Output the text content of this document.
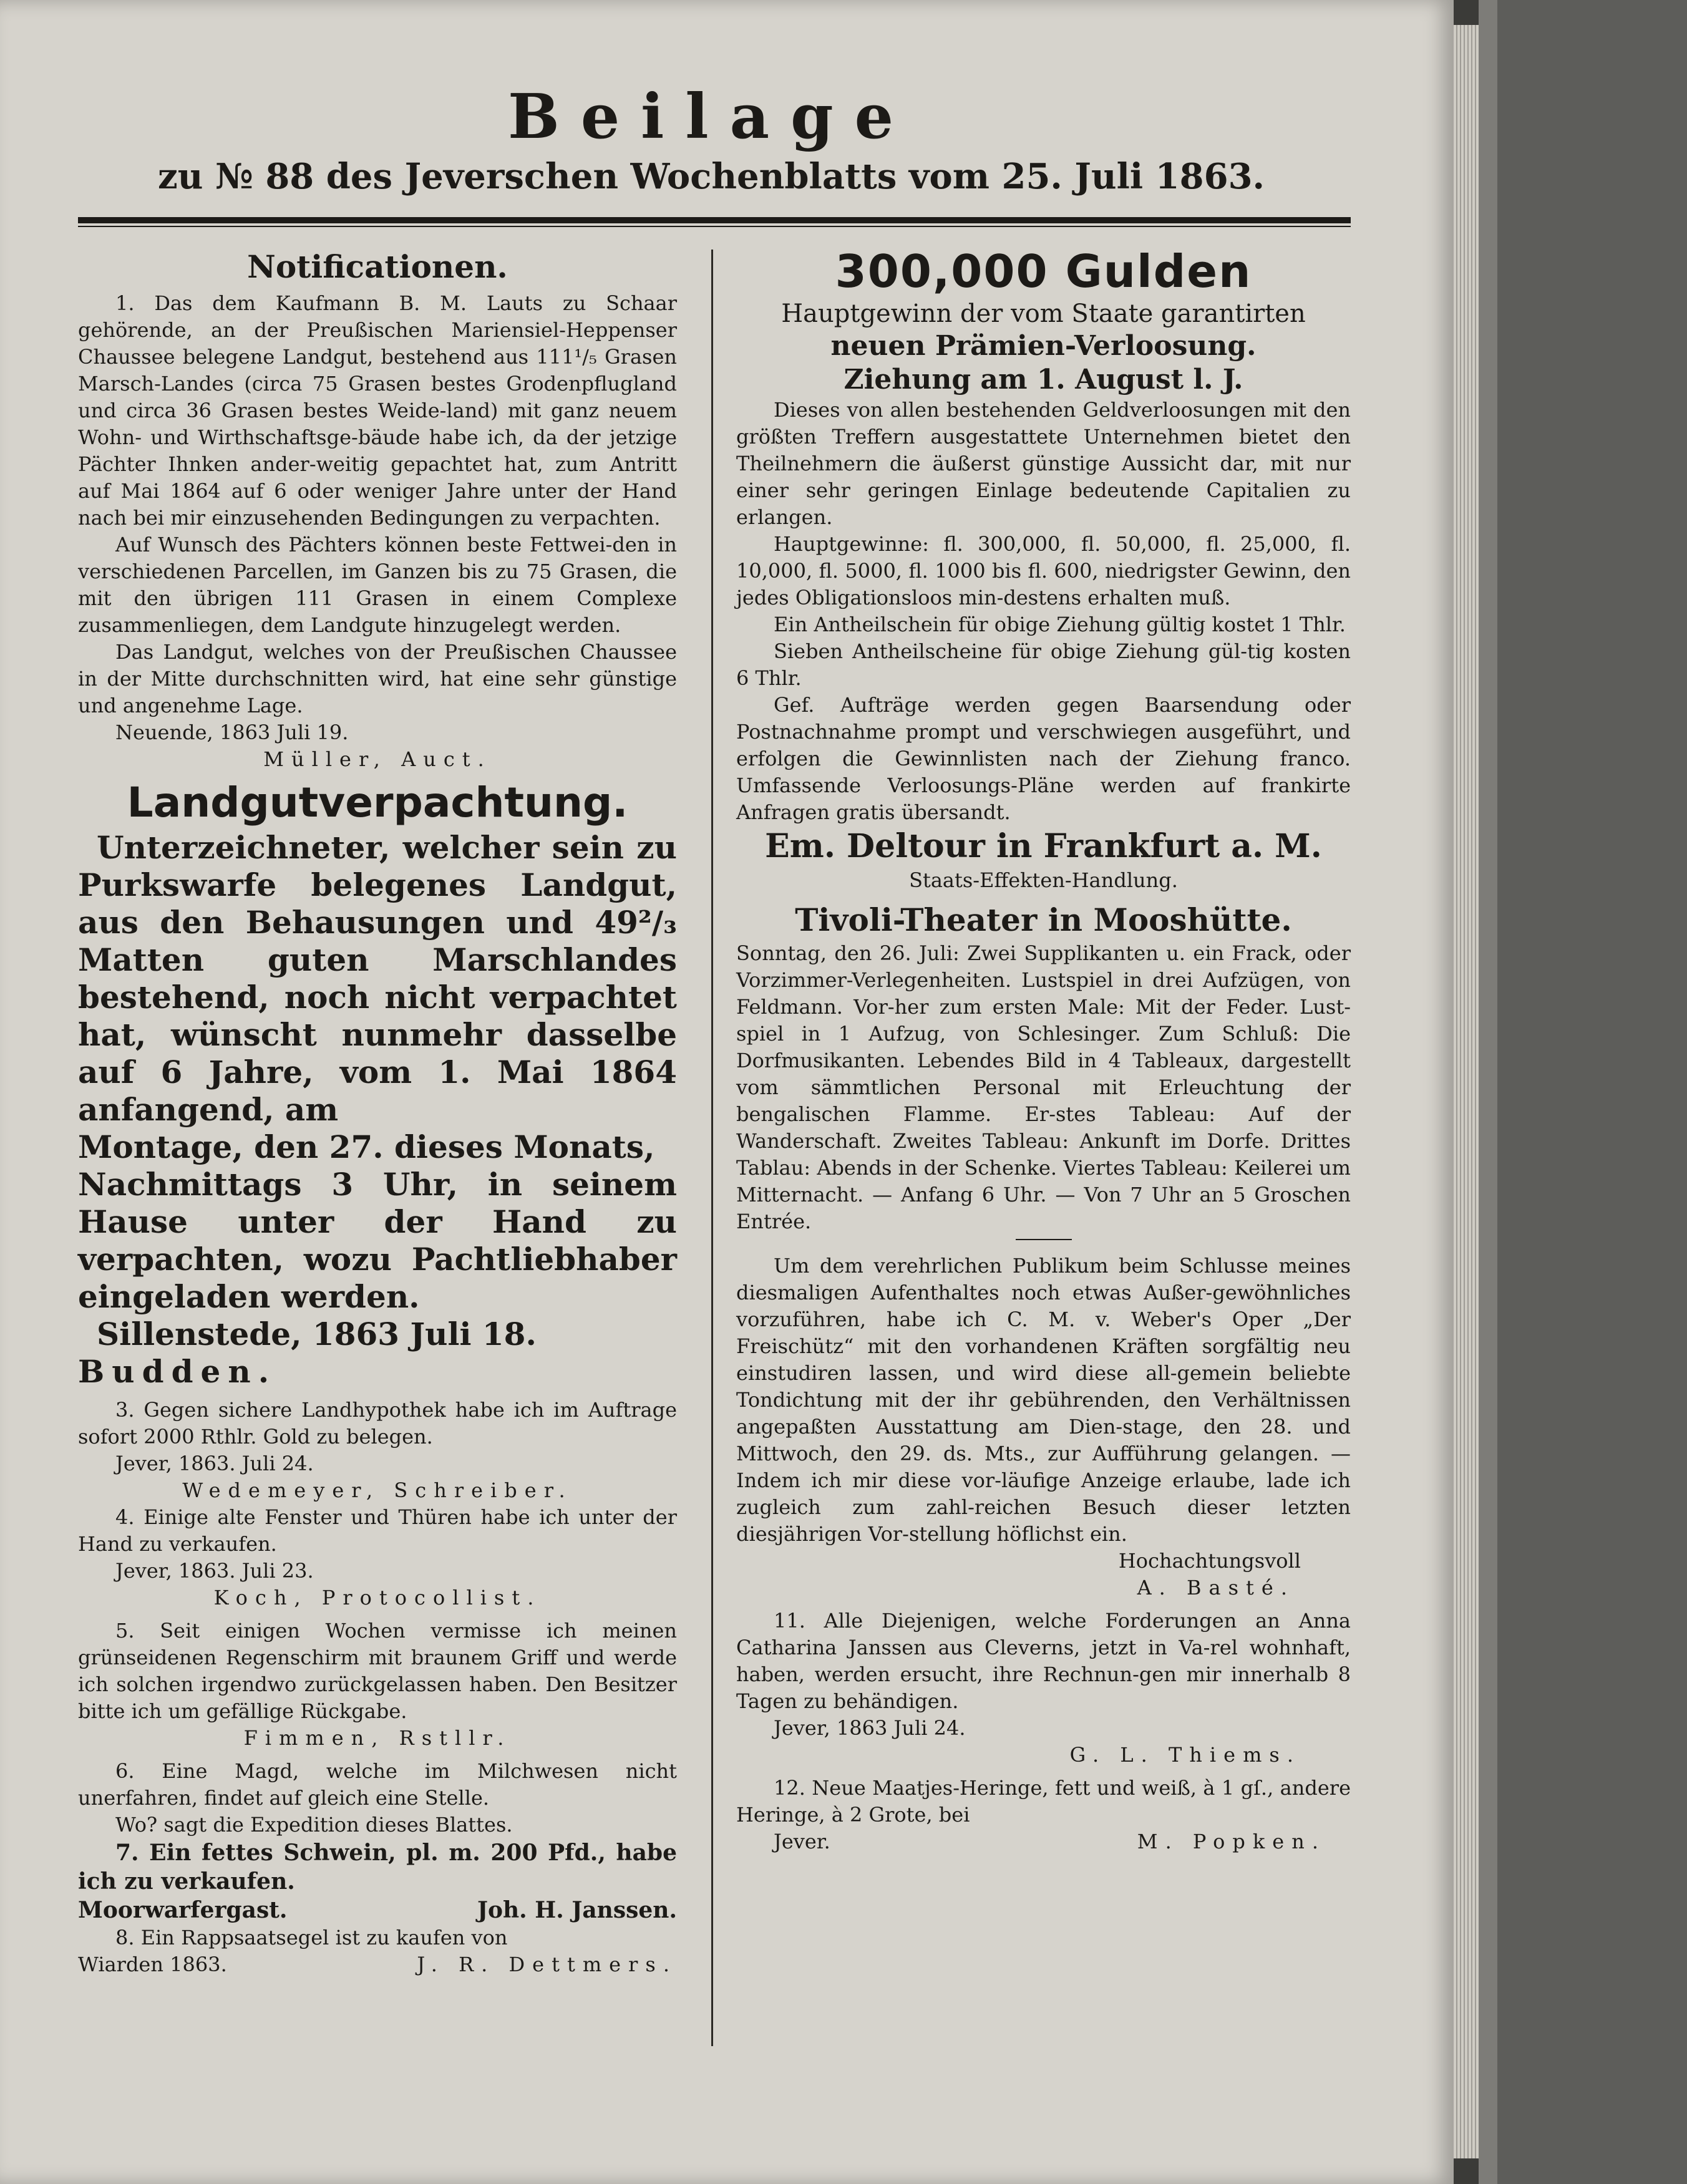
Beilage
zu № 88 des Jeverschen Wochenblatts vom 25. Juli 1863.
Notificationen.

1. Das dem Kaufmann B. M. Lauts zu Schaar gehörende, an der Preußischen Mariensiel-Heppenser Chaussee belegene Landgut, bestehend aus 111¹/₅ Grasen Marsch-Landes (circa 75 Grasen bestes Grodenpflugland und circa 36 Grasen bestes Weide-land) mit ganz neuem Wohn- und Wirthschaftsge-bäude habe ich, da der jetzige Pächter Ihnken ander-weitig gepachtet hat, zum Antritt auf Mai 1864 auf 6 oder weniger Jahre unter der Hand nach bei mir einzusehenden Bedingungen zu verpachten.

Auf Wunsch des Pächters können beste Fettwei-den in verschiedenen Parcellen, im Ganzen bis zu 75 Grasen, die mit den übrigen 111 Grasen in einem Complexe zusammenliegen, dem Landgute hinzugelegt werden.

Das Landgut, welches von der Preußischen Chaussee in der Mitte durchschnitten wird, hat eine sehr günstige und angenehme Lage.

Neuende, 1863 Juli 19.

Müller, Auct.

Landgutverpachtung.

Unterzeichneter, welcher sein zu Purkswarfe belegenes Landgut, aus den Behausungen und 49²/₃ Matten guten Marschlandes bestehend, noch nicht verpachtet hat, wünscht nunmehr dasselbe auf 6 Jahre, vom 1. Mai 1864 anfangend, am

Montage, den 27. dieses Monats,

Nachmittags 3 Uhr, in seinem Hause unter der Hand zu verpachten, wozu Pachtliebhaber eingeladen werden.

Sillenstede, 1863 Juli 18.

Budden.

3. Gegen sichere Landhypothek habe ich im Auftrage sofort 2000 Rthlr. Gold zu belegen.

Jever, 1863. Juli 24.

Wedemeyer, Schreiber.

4. Einige alte Fenster und Thüren habe ich unter der Hand zu verkaufen.

Jever, 1863. Juli 23.

Koch, Protocollist.

5. Seit einigen Wochen vermisse ich meinen grünseidenen Regenschirm mit braunem Griff und werde ich solchen irgendwo zurückgelassen haben. Den Besitzer bitte ich um gefällige Rückgabe.

Fimmen, Rstllr.

6. Eine Magd, welche im Milchwesen nicht unerfahren, findet auf gleich eine Stelle.

Wo? sagt die Expedition dieses Blattes.

7. Ein fettes Schwein, pl. m. 200 Pfd., habe ich zu verkaufen.

Moorwarfergast.	Joh. H. Janssen.

8. Ein Rappsaatsegel ist zu kaufen von

Wiarden 1863.	J. R. Dettmers.

300,000 Gulden

Hauptgewinn der vom Staate garantirten

neuen Prämien-Verloosung.

Ziehung am 1. August l. J.

Dieses von allen bestehenden Geldverloosungen mit den größten Treffern ausgestattete Unternehmen bietet den Theilnehmern die äußerst günstige Aussicht dar, mit nur einer sehr geringen Einlage bedeutende Capitalien zu erlangen.

Hauptgewinne: fl. 300,000, fl. 50,000, fl. 25,000, fl. 10,000, fl. 5000, fl. 1000 bis fl. 600, niedrigster Gewinn, den jedes Obligationsloos min-destens erhalten muß.

Ein Antheilschein für obige Ziehung gültig kostet 1 Thlr.

Sieben Antheilscheine für obige Ziehung gül-tig kosten 6 Thlr.

Gef. Aufträge werden gegen Baarsendung oder Postnachnahme prompt und verschwiegen ausgeführt, und erfolgen die Gewinnlisten nach der Ziehung franco. Umfassende Verloosungs-Pläne werden auf frankirte Anfragen gratis übersandt.

Em. Deltour in Frankfurt a. M.

Staats-Effekten-Handlung.

Tivoli-Theater in Mooshütte.

Sonntag, den 26. Juli: Zwei Supplikanten u. ein Frack, oder Vorzimmer-Verlegenheiten. Lustspiel in drei Aufzügen, von Feldmann. Vor-her zum ersten Male: Mit der Feder. Lust-spiel in 1 Aufzug, von Schlesinger. Zum Schluß: Die Dorfmusikanten. Lebendes Bild in 4 Tableaux, dargestellt vom sämmtlichen Personal mit Erleuchtung der bengalischen Flamme. Er-stes Tableau: Auf der Wanderschaft. Zweites Tableau: Ankunft im Dorfe. Drittes Tablau: Abends in der Schenke. Viertes Tableau: Keilerei um Mitternacht. — Anfang 6 Uhr. — Von 7 Uhr an 5 Groschen Entrée.

Um dem verehrlichen Publikum beim Schlusse meines diesmaligen Aufenthaltes noch etwas Außer-gewöhnliches vorzuführen, habe ich C. M. v. Weber's Oper „Der Freischütz“ mit den vorhandenen Kräften sorgfältig neu einstudiren lassen, und wird diese all-gemein beliebte Tondichtung mit der ihr gebührenden, den Verhältnissen angepaßten Ausstattung am Dien-stage, den 28. und Mittwoch, den 29. ds. Mts., zur Aufführung gelangen. — Indem ich mir diese vor-läufige Anzeige erlaube, lade ich zugleich zum zahl-reichen Besuch dieser letzten diesjährigen Vor-stellung höflichst ein.

Hochachtungsvoll

A. Basté.

11. Alle Diejenigen, welche Forderungen an Anna Catharina Janssen aus Cleverns, jetzt in Va-rel wohnhaft, haben, werden ersucht, ihre Rechnun-gen mir innerhalb 8 Tagen zu behändigen.

Jever, 1863 Juli 24.

G. L. Thiems.

12. Neue Maatjes-Heringe, fett und weiß, à 1 gſ., andere Heringe, à 2 Grote, bei

Jever.	M. Popken.
